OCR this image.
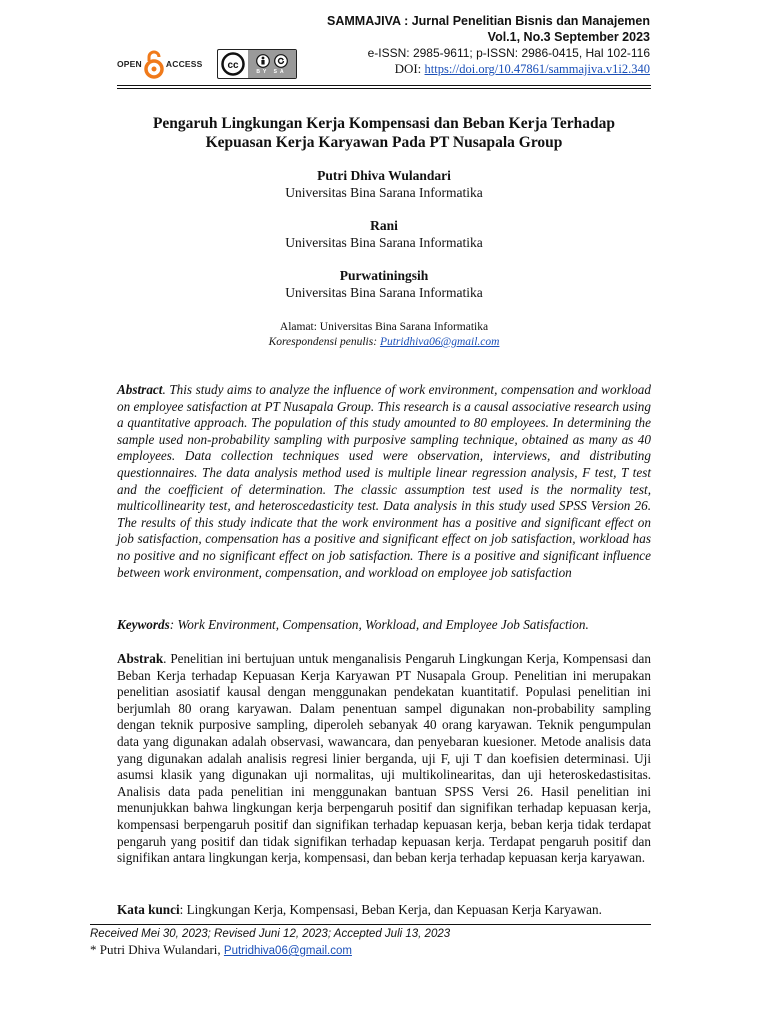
OPEN	ACCESS cc
BY SA
SAMMAJIVA : Jurnal Penelitian Bisnis dan Manajemen
Vol.1, No.3 September 2023
e-ISSN: 2985-9611; p-ISSN: 2986-0415, Hal 102-116
DOI: https://doi.org/10.47861/sammajiva.v1i2.340
Pengaruh Lingkungan Kerja Kompensasi dan Beban Kerja Terhadap
Kepuasan Kerja Karyawan Pada PT Nusapala Group
Putri Dhiva Wulandari
Universitas Bina Sarana Informatika
Rani
Universitas Bina Sarana Informatika
Purwatiningsih
Universitas Bina Sarana Informatika
Alamat: Universitas Bina Sarana Informatika
Korespondensi penulis: Putridhiva06@gmail.com
Abstract. This study aims to analyze the influence of work environment, compensation and workload on employee satisfaction at PT Nusapala Group. This research is a causal associative research using a quantitative approach. The population of this study amounted to 80 employees. In determining the sample used non-probability sampling with purposive sampling technique, obtained as many as 40 employees. Data collection techniques used were observation, interviews, and distributing questionnaires. The data analysis method used is multiple linear regression analysis, F test, T test and the coefficient of determination. The classic assumption test used is the normality test, multicollinearity test, and heteroscedasticity test. Data analysis in this study used SPSS Version 26. The results of this study indicate that the work environment has a positive and significant effect on job satisfaction, compensation has a positive and significant effect on job satisfaction, workload has no positive and no significant effect on job satisfaction. There is a positive and significant influence between work environment, compensation, and workload on employee job satisfaction
Keywords: Work Environment, Compensation, Workload, and Employee Job Satisfaction.
Abstrak. Penelitian ini bertujuan untuk menganalisis Pengaruh Lingkungan Kerja, Kompensasi dan Beban Kerja terhadap Kepuasan Kerja Karyawan PT Nusapala Group. Penelitian ini merupakan penelitian asosiatif kausal dengan menggunakan pendekatan kuantitatif. Populasi penelitian ini berjumlah 80 orang karyawan. Dalam penentuan sampel digunakan non-probability sampling dengan teknik purposive sampling, diperoleh sebanyak 40 orang karyawan. Teknik pengumpulan data yang digunakan adalah observasi, wawancara, dan penyebaran kuesioner. Metode analisis data yang digunakan adalah analisis regresi linier berganda, uji F, uji T dan koefisien determinasi. Uji asumsi klasik yang digunakan uji normalitas, uji multikolinearitas, dan uji heteroskedastisitas. Analisis data pada penelitian ini menggunakan bantuan SPSS Versi 26. Hasil penelitian ini menunjukkan bahwa lingkungan kerja berpengaruh positif dan signifikan terhadap kepuasan kerja, kompensasi berpengaruh positif dan signifikan terhadap kepuasan kerja, beban kerja tidak terdapat pengaruh yang positif dan tidak signifikan terhadap kepuasan kerja. Terdapat pengaruh positif dan signifikan antara lingkungan kerja, kompensasi, dan beban kerja terhadap kepuasan kerja karyawan.
Kata kunci: Lingkungan Kerja, Kompensasi, Beban Kerja, dan Kepuasan Kerja Karyawan.
Received Mei 30, 2023; Revised Juni 12, 2023; Accepted Juli 13, 2023
* Putri Dhiva Wulandari, Putridhiva06@gmail.com
